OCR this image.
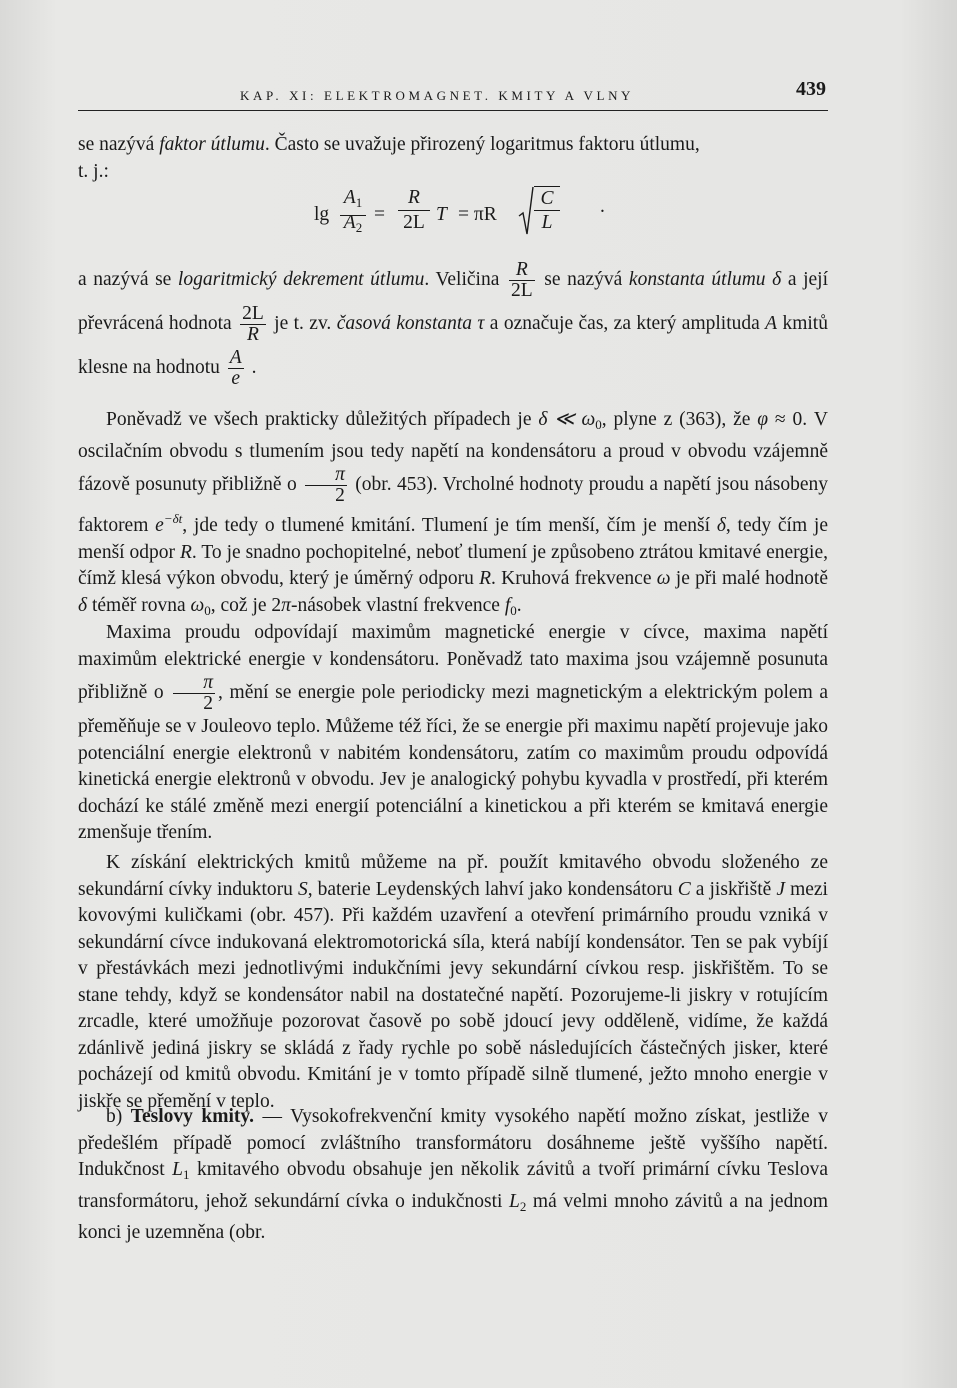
KAP. XI: ELEKTROMAGNET. KMITY A VLNY	439

se nazývá faktor útlumu. Často se uvažuje přirozený logaritmus faktoru útlumu,
t. j.:

lg
$A_1$
$A_2$
=
R
2L T = πR
C
L
.

a nazývá se logaritmický dekrement útlumu. Veličina $\frac{R}{2L}$ se nazývá konstanta útlumu δ a její převrácená hodnota $\frac{2L}{R}$ je t. zv. časová konstanta τ a označuje čas, za který amplituda A kmitů klesne na hodnotu $\frac{A}{e}$ .

Poněvadž ve všech prakticky důležitých případech je δ ≪ $\omega_0$, plyne z (363), že φ ≈ 0. V oscilačním obvodu s tlumením jsou tedy napětí na kondensátoru a proud v obvodu vzájemně fázově posunuty přibližně o $\frac{\pi}{2} (obr$. 453). Vrcholné hodnoty proudu a napětí jsou násobeny faktorem $e^{-\delta t}$, jde tedy o tlumené kmitání. Tlumení je tím menší, čím je menší δ, tedy čím je menší odpor R. To je snadno pochopitelné, neboť tlumení je způsobeno ztrátou kmitavé energie, čímž klesá výkon obvodu, který je úměrný odporu R. Kruhová frekvence ω je při malé hodnotě δ téměř rovna $\omega_0$, což je 2π-násobek vlastní frekvence $f_0$.

Maxima proudu odpovídají maximům magnetické energie v cívce, maxima napětí maximům elektrické energie v kondensátoru. Poněvadž tato maxima jsou vzájemně posunuta přibližně o $\frac{\pi}{2}$ , mění se energie pole periodicky mezi magnetickým a elektrickým polem a přeměňuje se v Jouleovo teplo. Můžeme též říci, že se energie při maximu napětí projevuje jako potenciální energie elektronů v nabitém kondensátoru, zatím co maximům proudu odpovídá kinetická energie elektronů v obvodu. Jev je analogický pohybu kyvadla v prostředí, při kterém dochází ke stálé změně mezi energií potenciální a kinetickou a při kterém se kmitavá energie zmenšuje třením.

K získání elektrických kmitů můžeme na př. použít kmitavého obvodu složeného ze sekundární cívky induktoru S, baterie Leydenských lahví jako kondensátoru C a jiskřiště J mezi kovovými kuličkami (obr. 457). Při každém uzavření a otevření primárního proudu vzniká v sekundární cívce indukovaná elektromotorická síla, která nabíjí kondensátor. Ten se pak vybíjí v přestávkách mezi jednotlivými indukčními jevy sekundární cívkou resp. jiskřištěm. To se stane tehdy, když se kondensátor nabil na dostatečné napětí. Pozorujeme-li jiskry v rotujícím zrcadle, které umožňuje pozorovat časově po sobě jdoucí jevy odděleně, vidíme, že každá zdánlivě jediná jiskry se skládá z řady rychle po sobě následujících částečných jisker, které pocházejí od kmitů obvodu. Kmitání je v tomto případě silně tlumené, ježto mnoho energie v jiskře se přemění v teplo.

b) Teslovy kmity. — Vysokofrekvenční kmity vysokého napětí možno získat, jestliže v předešlém případě pomocí zvláštního transformátoru dosáhneme ještě vyššího napětí. Indukčnost $L_1$ kmitavého obvodu obsahuje jen několik závitů a tvoří primární cívku Teslova transformátoru, jehož sekundární cívka o indukčnosti $L_2$ má velmi mnoho závitů a na jednom konci je uzemněna (obr.
